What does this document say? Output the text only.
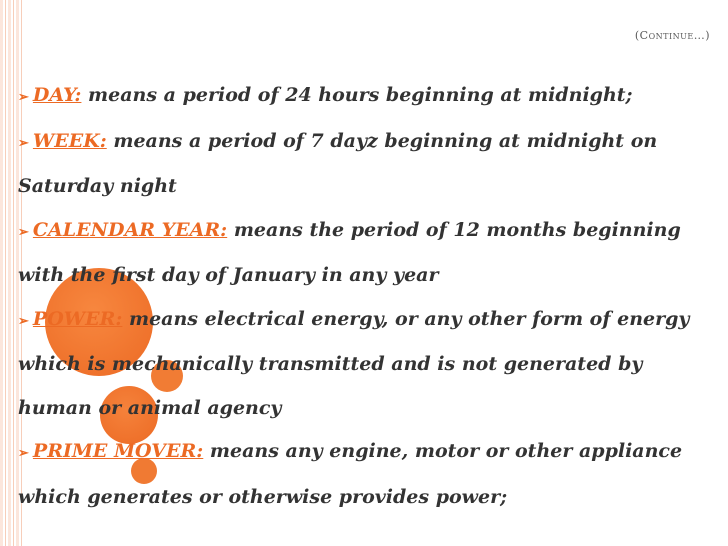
(Continue…)
➢ DAY: means a period of 24 hours beginning at midnight;
➢ WEEK: means a period of 7 dayz beginning at midnight on Saturday night
➢ CALENDAR YEAR: means the period of 12 months beginning with the first day of January in any year
➢ POWER: means electrical energy, or any other form of energy which is mechanically transmitted and is not generated by human or animal agency
➢ PRIME MOVER: means any engine, motor or other appliance which generates or otherwise provides power;
